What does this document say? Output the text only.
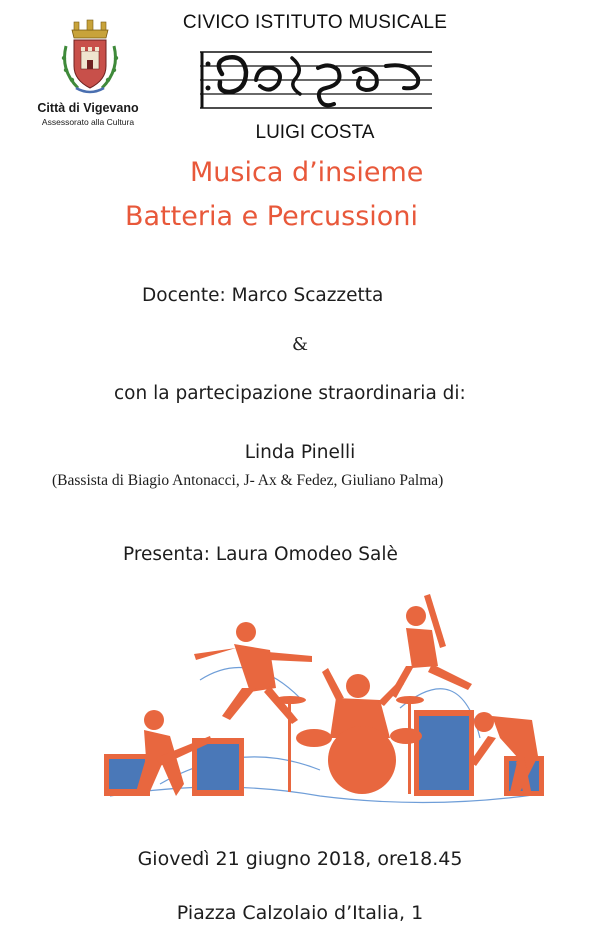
Città di Vigevano
Assessorato alla Cultura
CIVICO ISTITUTO MUSICALE
LUIGI COSTA
Musica d’insieme
Batteria e Percussioni
Docente: Marco Scazzetta
&
con la partecipazione straordinaria di:
Linda Pinelli
(Bassista di Biagio Antonacci, J- Ax & Fedez, Giuliano Palma)
Presenta: Laura Omodeo Salè
Giovedì 21 giugno 2018, ore18.45
Piazza Calzolaio d’Italia, 1
